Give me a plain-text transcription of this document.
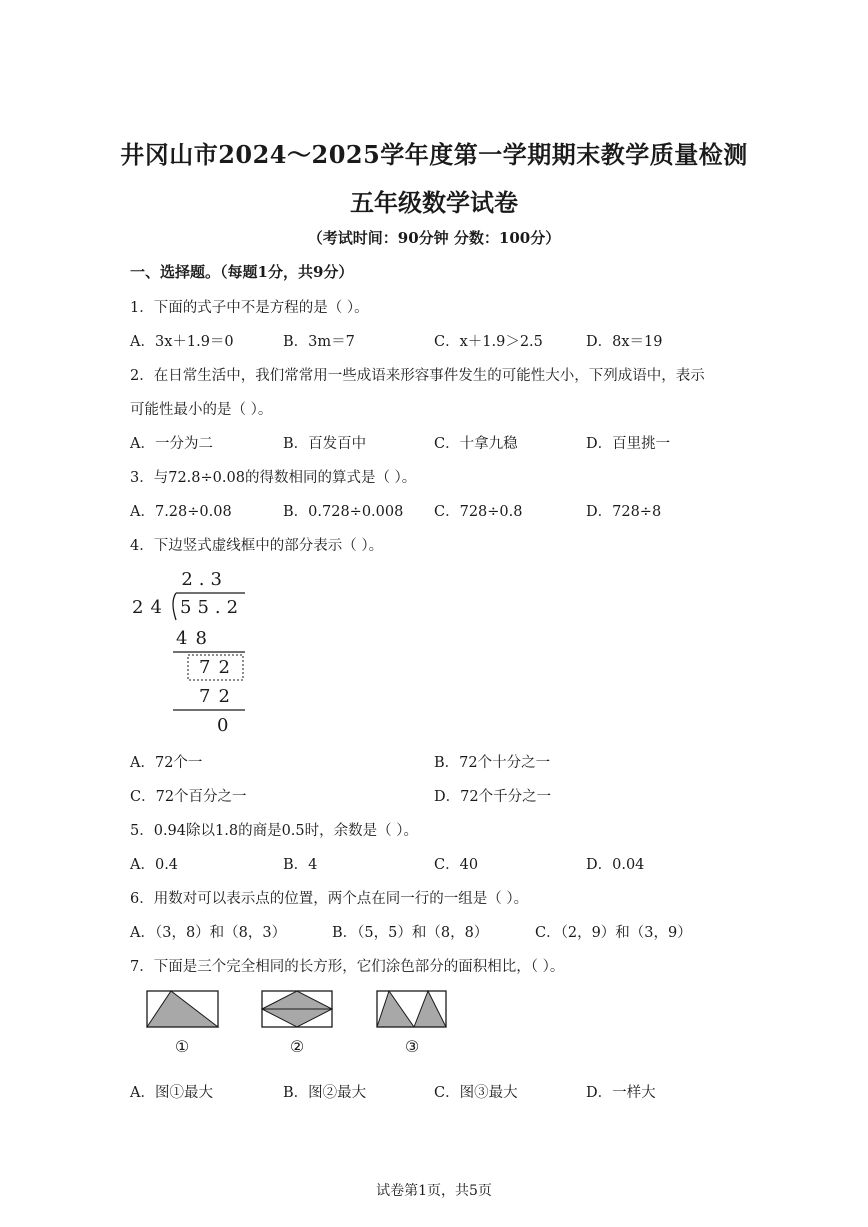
井冈山市2024～2025学年度第一学期期末教学质量检测
五年级数学试卷
（考试时间：90分钟 分数：100分）
一、选择题。（每题1分，共9分）
1．下面的式子中不是方程的是（ ）。
A．3x＋1.9＝0	B．3m＝7	C．x＋1.9＞2.5	D．8x＝19
2．在日常生活中，我们常常用一些成语来形容事件发生的可能性大小，下列成语中，表示
可能性最小的是（ ）。
A．一分为二	B．百发百中	C．十拿九稳	D．百里挑一
3．与72.8÷0.08的得数相同的算式是（ ）。
A．7.28÷0.08	B．0.728÷0.008 C．728÷0.8	D．728÷8
4．下边竖式虚线框中的部分表示（ ）。
2.3
24 55.2
48
72
72
0
A．72个一	B．72个十分之一
C．72个百分之一	D．72个千分之一
5．0.94除以1.8的商是0.5时，余数是（ ）。
A．0.4	B．4	C．40	D．0.04
6．用数对可以表示点的位置，两个点在同一行的一组是（ ）。
A．（3，8）和（8，3）	B．（5，5）和（8，8）	C．（2，9）和（3，9）
7．下面是三个完全相同的长方形，它们涂色部分的面积相比，（ ）。
①	②	③
A．图①最大	B．图②最大	C．图③最大	D．一样大
试卷第1页，共5页
